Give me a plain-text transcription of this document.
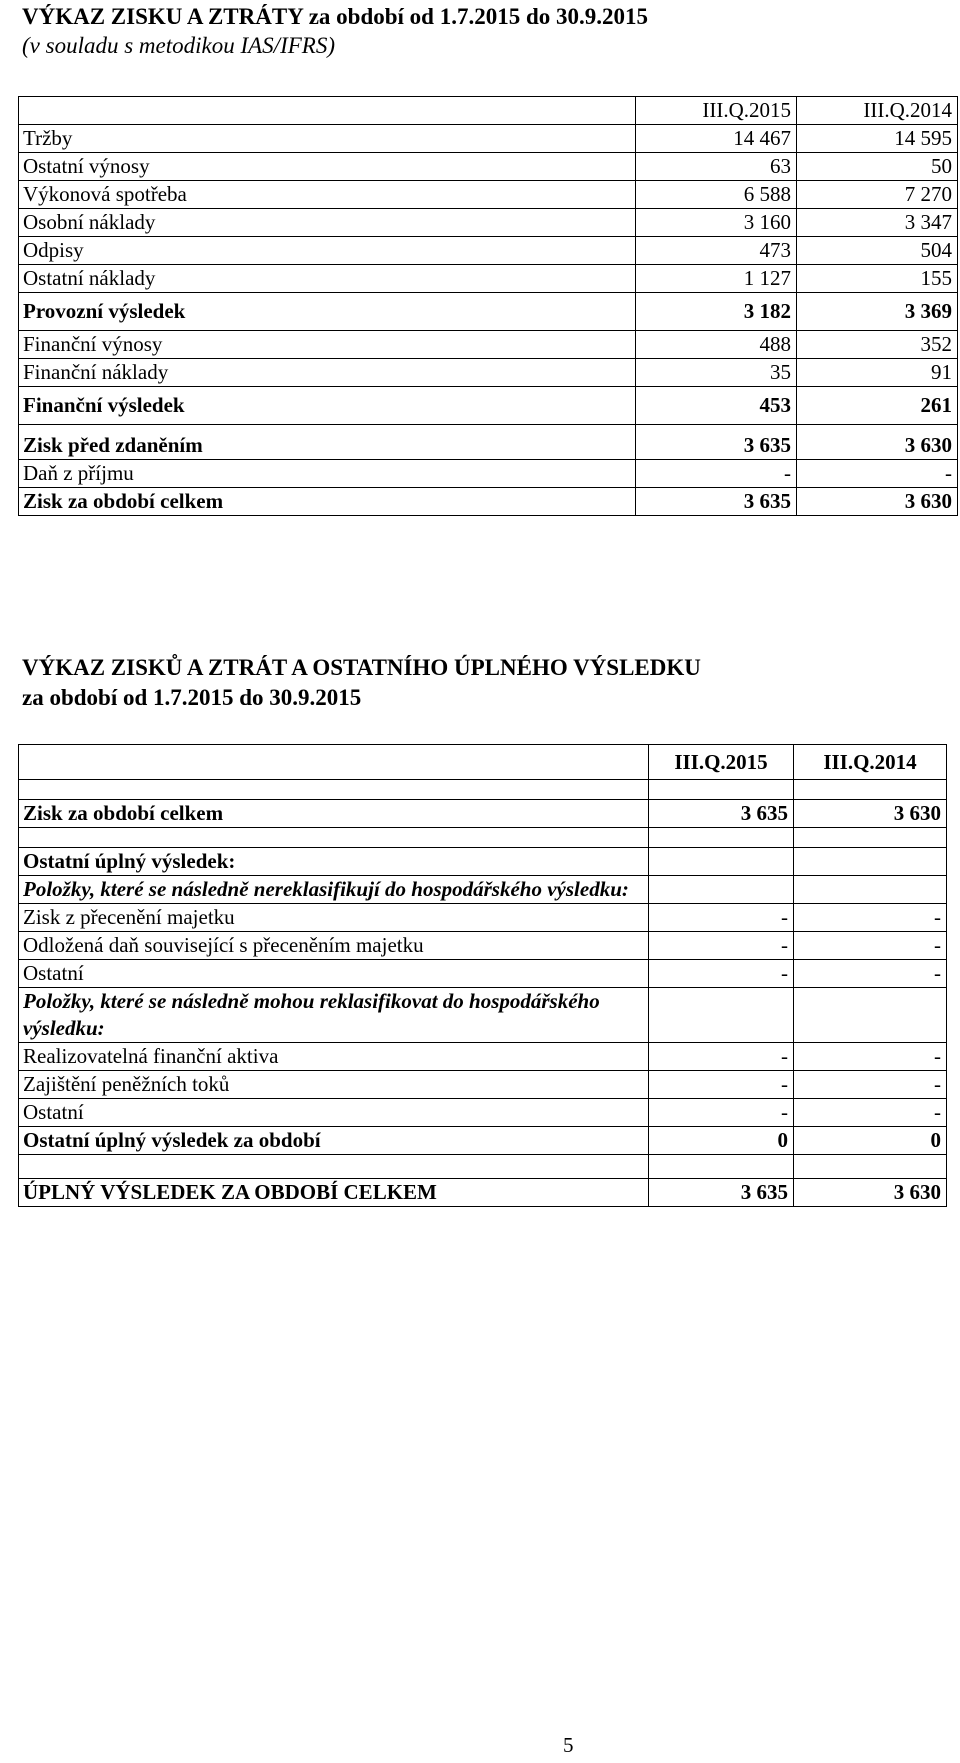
VÝKAZ ZISKU A ZTRÁTY za období od 1.7.2015 do 30.9.2015
(v souladu s metodikou IAS/IFRS)
	III.Q.2015	III.Q.2014
Tržby	14 467	14 595
Ostatní výnosy	63	50
Výkonová spotřeba	6 588	7 270
Osobní náklady	3 160	3 347
Odpisy	473	504
Ostatní náklady	1 127	155
Provozní výsledek	3 182	3 369
Finanční výnosy	488	352
Finanční náklady	35	91
Finanční výsledek	453	261
Zisk před zdaněním	3 635	3 630
Daň z příjmu	-	-
Zisk za období celkem	3 635	3 630
VÝKAZ ZISKŮ A ZTRÁT A OSTATNÍHO ÚPLNÉHO VÝSLEDKU
za období od 1.7.2015 do 30.9.2015
	III.Q.2015	III.Q.2014

Zisk za období celkem	3 635	3 630

Ostatní úplný výsledek:		
Položky, které se následně nereklasifikují do hospodářského výsledku:		
Zisk z přecenění majetku	-	-
Odložená daň související s přeceněním majetku	-	-
Ostatní	-	-
Položky, které se následně mohou reklasifikovat do hospodářského výsledku:		
Realizovatelná finanční aktiva	-	-
Zajištění peněžních toků	-	-
Ostatní	-	-
Ostatní úplný výsledek za období	0	0

ÚPLNÝ VÝSLEDEK ZA OBDOBÍ CELKEM	3 635	3 630
5
